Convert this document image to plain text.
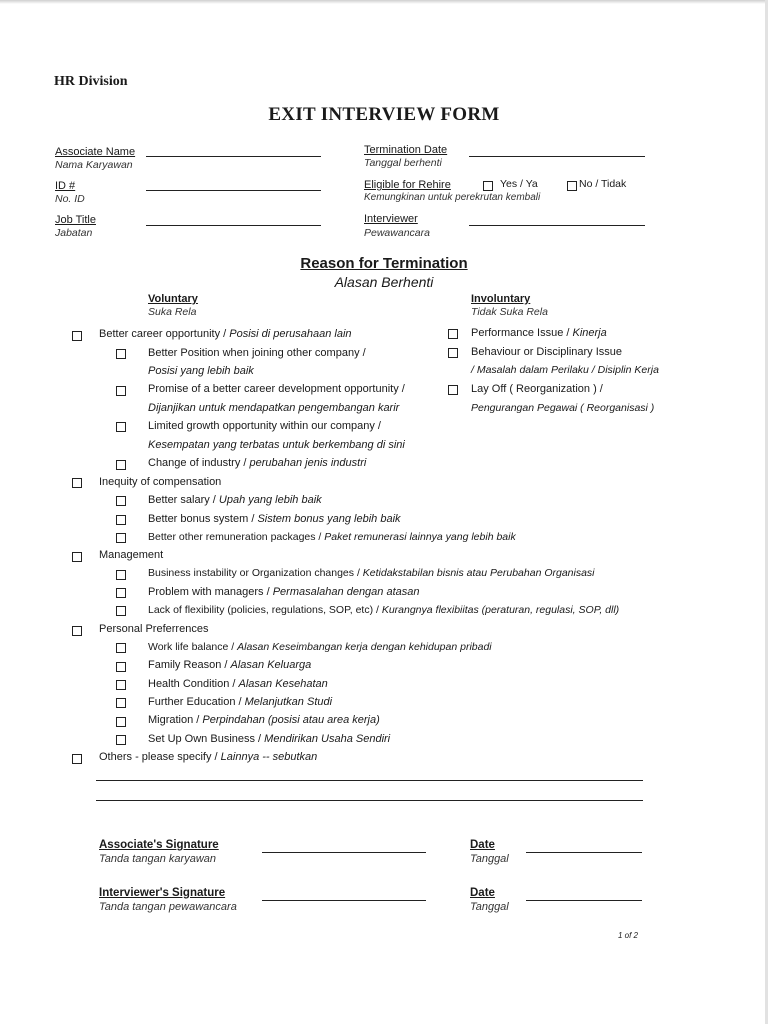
HR Division
EXIT INTERVIEW FORM
Associate Name
Nama Karyawan
ID #
No. ID
Job Title
Jabatan
Termination Date
Tanggal berhenti
Eligible for Rehire	Yes / Ya	No / Tidak
Kemungkinan untuk perekrutan kembali
Interviewer
Pewawancara
Reason for Termination
Alasan Berhenti
Voluntary
Suka Rela
Involuntary
Tidak Suka Rela
Better career opportunity / Posisi di perusahaan lain
Better Position when joining other company /
Posisi yang lebih baik
Promise of a better career development opportunity /
Dijanjikan untuk mendapatkan pengembangan karir
Limited growth opportunity within our company /
Kesempatan yang terbatas untuk berkembang di sini
Change of industry / perubahan jenis industri
Inequity of compensation
Better salary / Upah yang lebih baik
Better bonus system / Sistem bonus yang lebih baik
Better other remuneration packages / Paket remunerasi lainnya yang lebih baik
Management
Business instability or Organization changes / Ketidakstabilan bisnis atau Perubahan Organisasi
Problem with managers / Permasalahan dengan atasan
Lack of flexibility (policies, regulations, SOP, etc) / Kurangnya flexibiitas (peraturan, regulasi, SOP, dll)
Personal Preferrences
Work life balance / Alasan Keseimbangan kerja dengan kehidupan pribadi
Family Reason / Alasan Keluarga
Health Condition / Alasan Kesehatan
Further Education / Melanjutkan Studi
Migration / Perpindahan (posisi atau area kerja)
Set Up Own Business / Mendirikan Usaha Sendiri
Others - please specify / Lainnya -- sebutkan
Performance Issue / Kinerja
Behaviour or Disciplinary Issue
/ Masalah dalam Perilaku / Disiplin Kerja
Lay Off ( Reorganization ) /
Pengurangan Pegawai ( Reorganisasi )
Associate's Signature
Tanda tangan karyawan
Date
Tanggal
Interviewer's Signature
Tanda tangan pewawancara
Date
Tanggal
1 of 2
